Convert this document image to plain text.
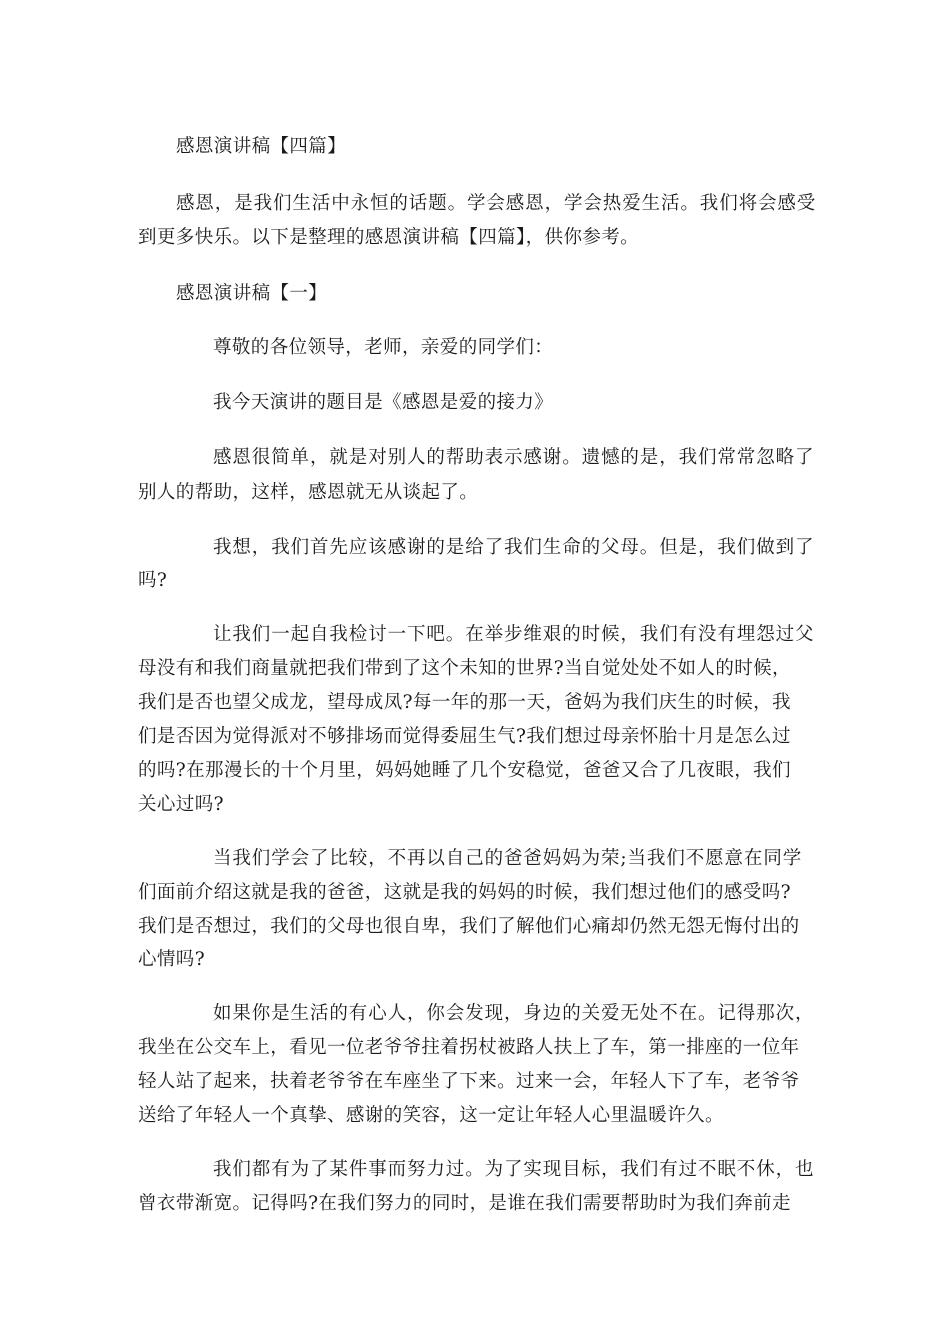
感恩演讲稿【四篇】
感恩，是我们生活中永恒的话题。学会感恩，学会热爱生活。我们将会感受
到更多快乐。以下是整理的感恩演讲稿【四篇】，供你参考。
感恩演讲稿【一】
尊敬的各位领导，老师，亲爱的同学们：
我今天演讲的题目是《感恩是爱的接力》
感恩很简单，就是对别人的帮助表示感谢。遗憾的是，我们常常忽略了
别人的帮助，这样，感恩就无从谈起了。
我想，我们首先应该感谢的是给了我们生命的父母。但是，我们做到了
吗?
让我们一起自我检讨一下吧。在举步维艰的时候，我们有没有埋怨过父
母没有和我们商量就把我们带到了这个未知的世界?当自觉处处不如人的时候，
我们是否也望父成龙，望母成凤?每一年的那一天，爸妈为我们庆生的时候，我
们是否因为觉得派对不够排场而觉得委屈生气?我们想过母亲怀胎十月是怎么过
的吗?在那漫长的十个月里，妈妈她睡了几个安稳觉，爸爸又合了几夜眼，我们
关心过吗?
当我们学会了比较，不再以自己的爸爸妈妈为荣;当我们不愿意在同学
们面前介绍这就是我的爸爸，这就是我的妈妈的时候，我们想过他们的感受吗?
我们是否想过，我们的父母也很自卑，我们了解他们心痛却仍然无怨无悔付出的
心情吗?
如果你是生活的有心人，你会发现，身边的关爱无处不在。记得那次，
我坐在公交车上，看见一位老爷爷拄着拐杖被路人扶上了车，第一排座的一位年
轻人站了起来，扶着老爷爷在车座坐了下来。过来一会，年轻人下了车，老爷爷
送给了年轻人一个真挚、感谢的笑容，这一定让年轻人心里温暖许久。
我们都有为了某件事而努力过。为了实现目标，我们有过不眠不休，也
曾衣带渐宽。记得吗?在我们努力的同时，是谁在我们需要帮助时为我们奔前走
